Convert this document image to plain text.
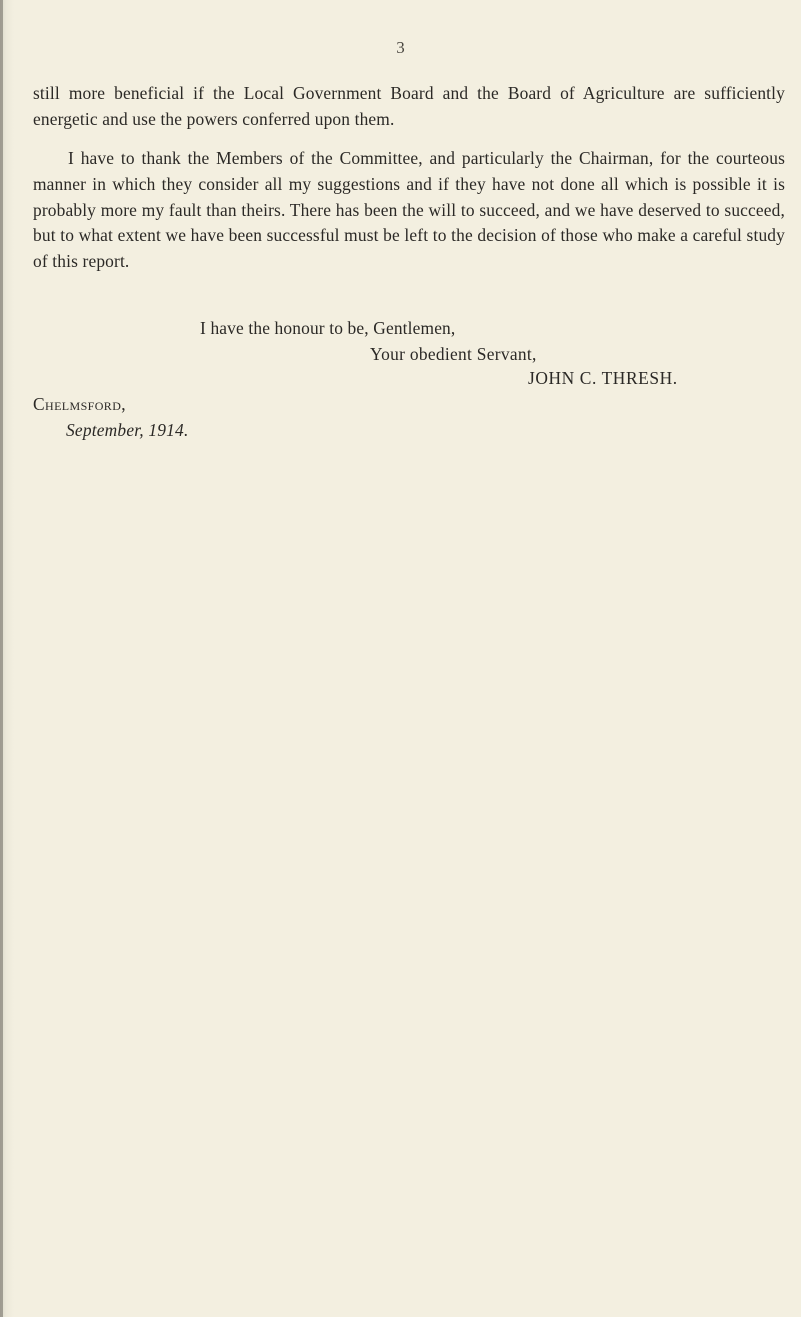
3

still more beneficial if the Local Government Board and the Board of Agriculture are sufficiently energetic and use the powers conferred upon them.

I have to thank the Members of the Committee, and particularly the Chairman, for the courteous manner in which they consider all my suggestions and if they have not done all which is possible it is probably more my fault than theirs. There has been the will to succeed, and we have deserved to succeed, but to what extent we have been successful must be left to the decision of those who make a careful study of this report.

I have the honour to be, Gentlemen,
Your obedient Servant,
JOHN C. THRESH.
Chelmsford,
September, 1914.
